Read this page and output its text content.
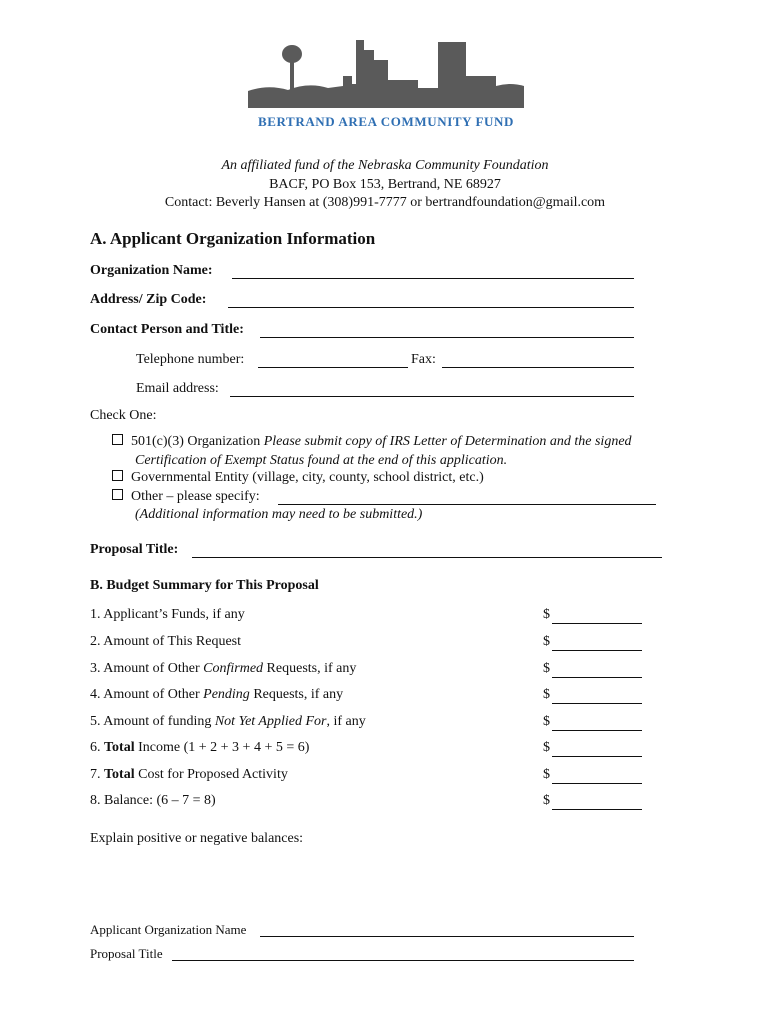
BERTRAND AREA COMMUNITY FUND
An affiliated fund of the Nebraska Community Foundation
BACF, PO Box 153, Bertrand, NE 68927
Contact: Beverly Hansen at (308)991-7777 or bertrandfoundation@gmail.com
A. Applicant Organization Information
Organization Name:
Address/ Zip Code:
Contact Person and Title:
Telephone number:	Fax:
Email address:
Check One:
501(c)(3) Organization Please submit copy of IRS Letter of Determination and the signed
Certification of Exempt Status found at the end of this application.
Governmental Entity (village, city, county, school district, etc.)
Other – please specify:
(Additional information may need to be submitted.)
Proposal Title:
B. Budget Summary for This Proposal
1. Applicant’s Funds, if any
2. Amount of This Request
3. Amount of Other Confirmed Requests, if any
4. Amount of Other Pending Requests, if any
5. Amount of funding Not Yet Applied For, if any
6. Total Income (1 + 2 + 3 + 4 + 5 = 6)
7. Total Cost for Proposed Activity
8. Balance: (6 – 7 = 8)
$
$
$
$
$
$
$
$
Explain positive or negative balances:
Applicant Organization Name
Proposal Title
